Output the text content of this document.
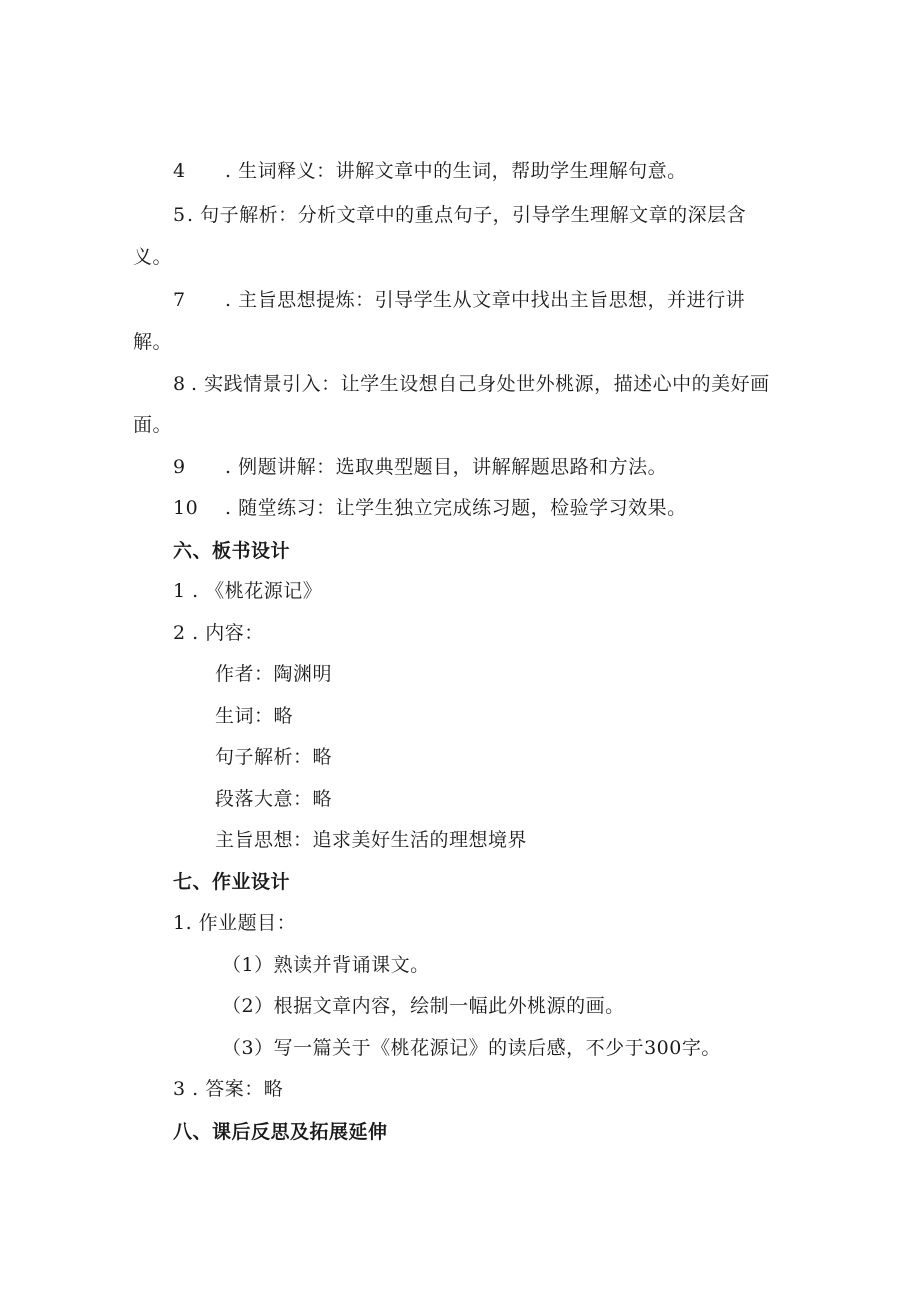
4 . 生词释义：讲解文章中的生词，帮助学生理解句意。
5. 句子解析：分析文章中的重点句子，引导学生理解文章的深层含
义。
7 . 主旨思想提炼：引导学生从文章中找出主旨思想，并进行讲
解。
8 . 实践情景引入：让学生设想自己身处世外桃源，描述心中的美好画
面。
9 . 例题讲解：选取典型题目，讲解解题思路和方法。
10 . 随堂练习：让学生独立完成练习题，检验学习效果。
六、板书设计
1 . 《桃花源记》
2 . 内容：
作者：陶渊明
生词：略
句子解析：略
段落大意：略
主旨思想：追求美好生活的理想境界
七、作业设计
1. 作业题目：
（1）熟读并背诵课文。
（2）根据文章内容，绘制一幅此外桃源的画。
（3）写一篇关于《桃花源记》的读后感，不少于300字。
3 . 答案：略
八、课后反思及拓展延伸
